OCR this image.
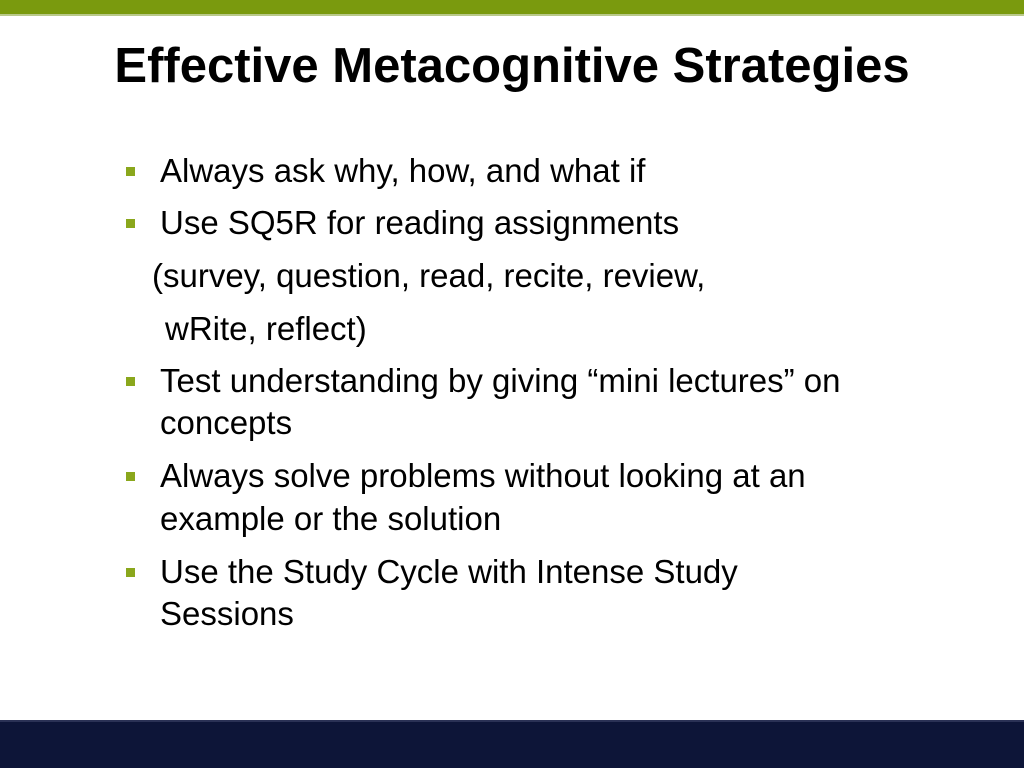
Effective Metacognitive Strategies

Always ask why, how, and what if

Use SQ5R for reading assignments

(survey, question, read, recite, review,

wRite, reflect)

Test understanding by giving “mini lectures” on

concepts

Always solve problems without looking at an

example or the solution

Use the Study Cycle with Intense Study

Sessions
